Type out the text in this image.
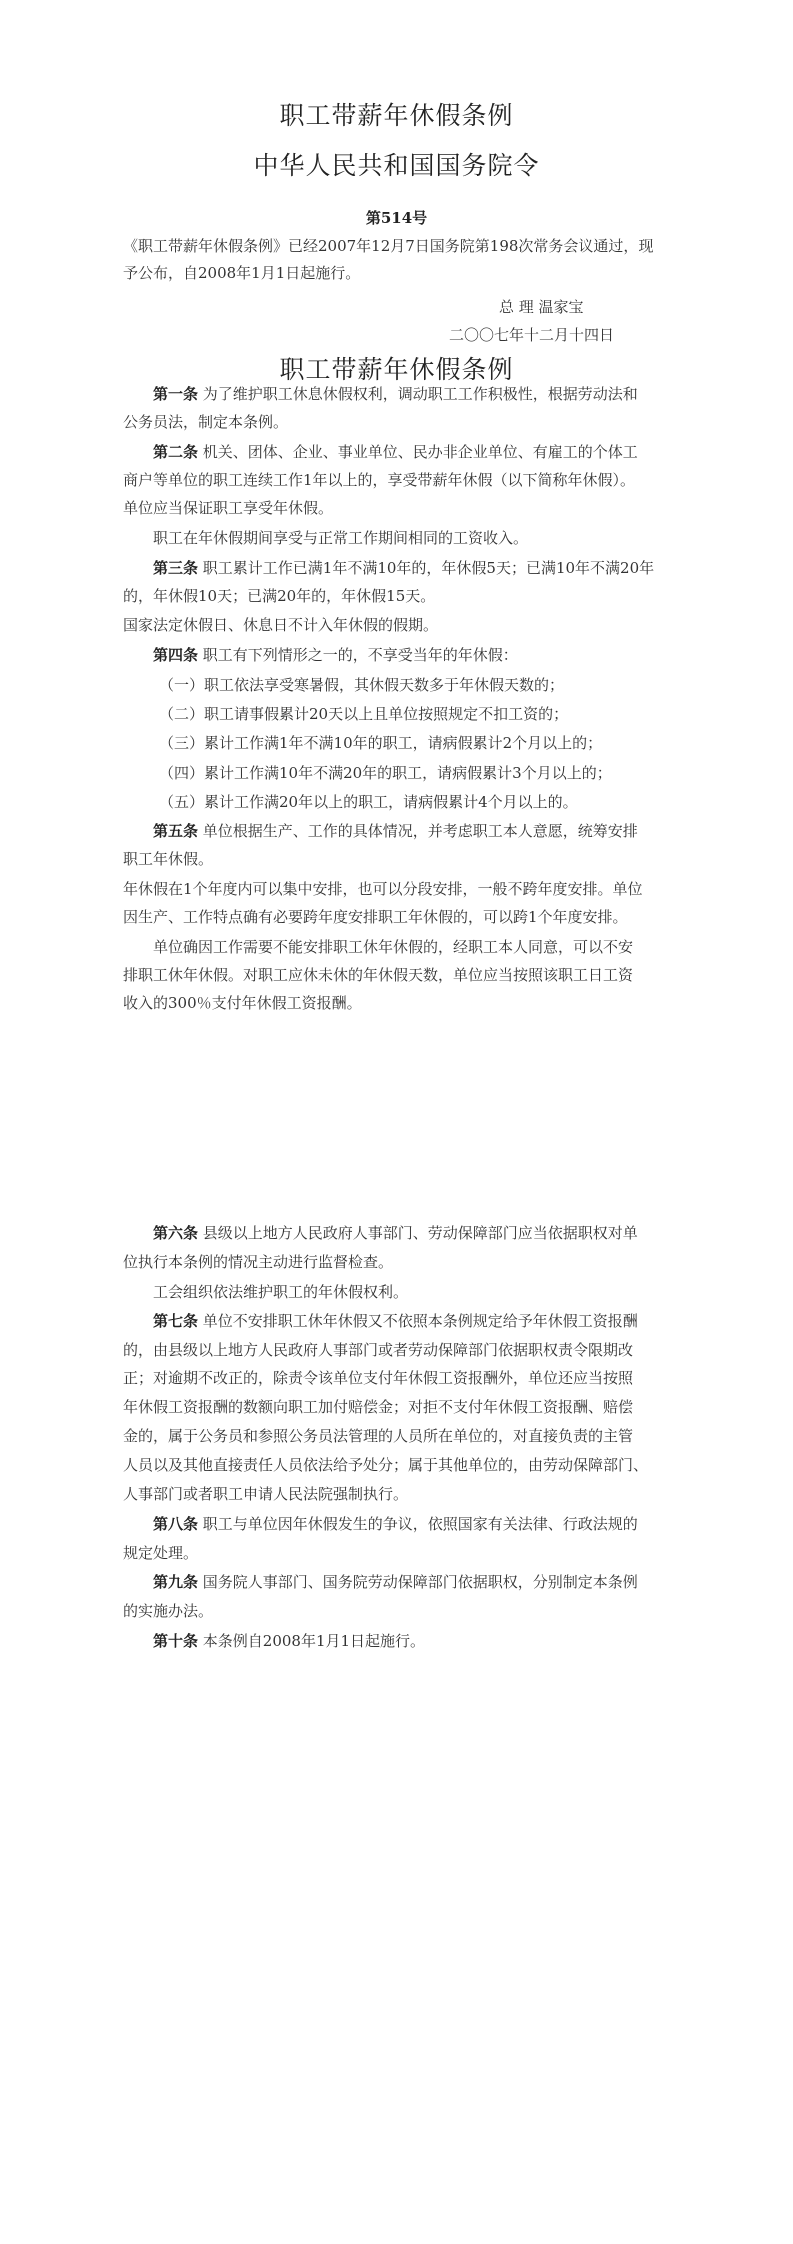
职工带薪年休假条例
中华人民共和国国务院令
第514号
《职工带薪年休假条例》已经2007年12月7日国务院第198次常务会议通过，现
予公布，自2008年1月1日起施行。
总 理 温家宝
二〇〇七年十二月十四日
职工带薪年休假条例
第一条 为了维护职工休息休假权利，调动职工工作积极性，根据劳动法和
公务员法，制定本条例。
第二条 机关、团体、企业、事业单位、民办非企业单位、有雇工的个体工
商户等单位的职工连续工作1年以上的，享受带薪年休假（以下简称年休假）。
单位应当保证职工享受年休假。
职工在年休假期间享受与正常工作期间相同的工资收入。
第三条 职工累计工作已满1年不满10年的，年休假5天；已满10年不满20年
的，年休假10天；已满20年的，年休假15天。
国家法定休假日、休息日不计入年休假的假期。
第四条 职工有下列情形之一的，不享受当年的年休假：
（一）职工依法享受寒暑假，其休假天数多于年休假天数的；
（二）职工请事假累计20天以上且单位按照规定不扣工资的；
（三）累计工作满1年不满10年的职工，请病假累计2个月以上的；
（四）累计工作满10年不满20年的职工，请病假累计3个月以上的；
（五）累计工作满20年以上的职工，请病假累计4个月以上的。
第五条 单位根据生产、工作的具体情况，并考虑职工本人意愿，统筹安排
职工年休假。
年休假在1个年度内可以集中安排，也可以分段安排，一般不跨年度安排。单位
因生产、工作特点确有必要跨年度安排职工年休假的，可以跨1个年度安排。
单位确因工作需要不能安排职工休年休假的，经职工本人同意，可以不安
排职工休年休假。对职工应休未休的年休假天数，单位应当按照该职工日工资
收入的300％支付年休假工资报酬。
第六条 县级以上地方人民政府人事部门、劳动保障部门应当依据职权对单
位执行本条例的情况主动进行监督检查。
工会组织依法维护职工的年休假权利。
第七条 单位不安排职工休年休假又不依照本条例规定给予年休假工资报酬
的，由县级以上地方人民政府人事部门或者劳动保障部门依据职权责令限期改
正；对逾期不改正的，除责令该单位支付年休假工资报酬外，单位还应当按照
年休假工资报酬的数额向职工加付赔偿金；对拒不支付年休假工资报酬、赔偿
金的，属于公务员和参照公务员法管理的人员所在单位的，对直接负责的主管
人员以及其他直接责任人员依法给予处分；属于其他单位的，由劳动保障部门、
人事部门或者职工申请人民法院强制执行。
第八条 职工与单位因年休假发生的争议，依照国家有关法律、行政法规的
规定处理。
第九条 国务院人事部门、国务院劳动保障部门依据职权，分别制定本条例
的实施办法。
第十条 本条例自2008年1月1日起施行。
